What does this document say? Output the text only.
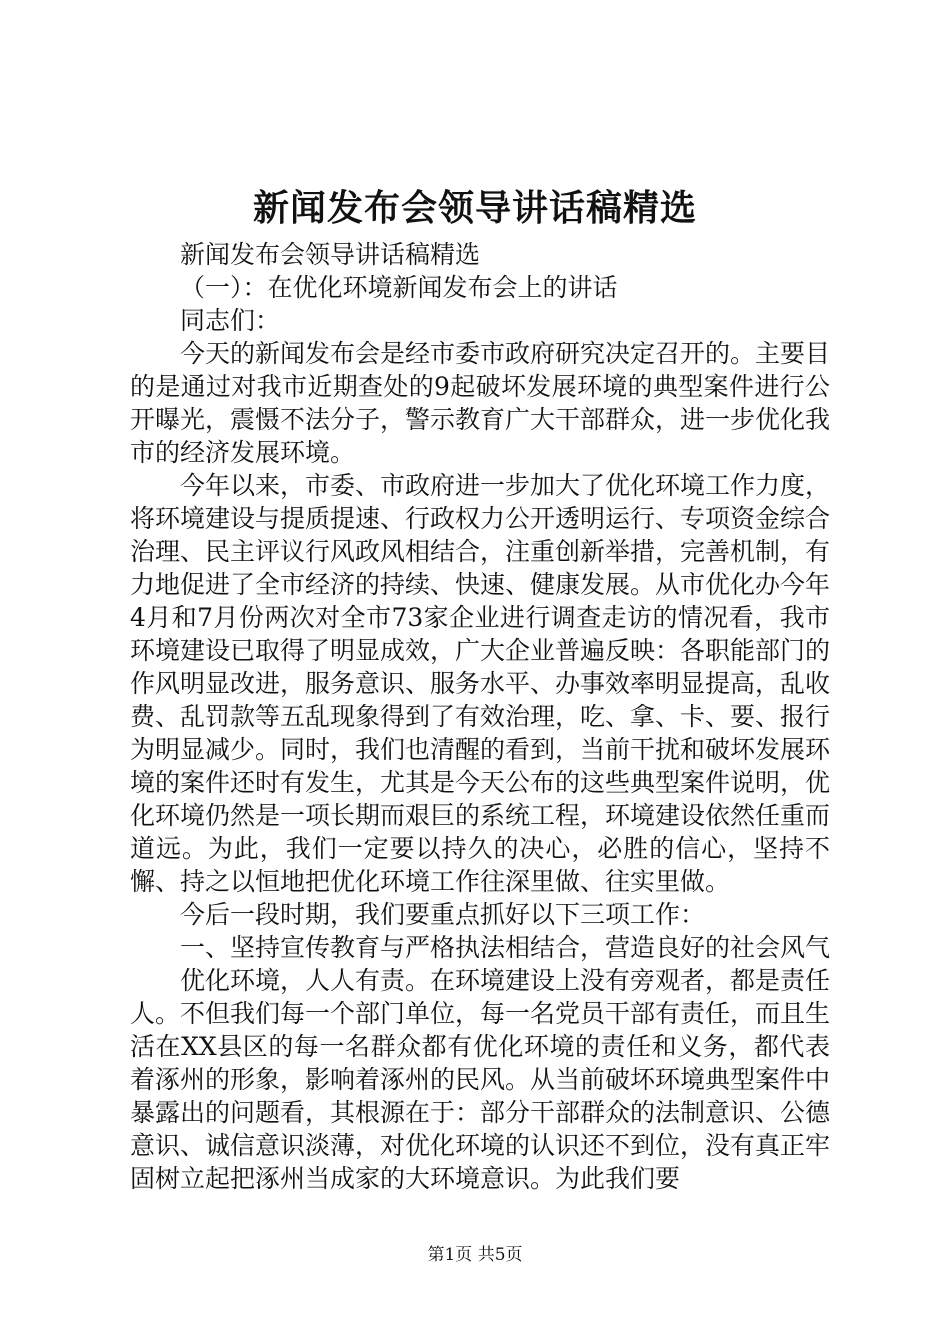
新闻发布会领导讲话稿精选

新闻发布会领导讲话稿精选

（一）：在优化环境新闻发布会上的讲话

同志们：

今天的新闻发布会是经市委市政府研究决定召开的。主要目的是通过对我市近期查处的9起破坏发展环境的典型案件进行公开曝光，震慑不法分子，警示教育广大干部群众，进一步优化我市的经济发展环境。

今年以来，市委、市政府进一步加大了优化环境工作力度，将环境建设与提质提速、行政权力公开透明运行、专项资金综合治理、民主评议行风政风相结合，注重创新举措，完善机制，有力地促进了全市经济的持续、快速、健康发展。从市优化办今年4月和7月份两次对全市73家企业进行调查走访的情况看，我市环境建设已取得了明显成效，广大企业普遍反映：各职能部门的作风明显改进，服务意识、服务水平、办事效率明显提高，乱收费、乱罚款等五乱现象得到了有效治理，吃、拿、卡、要、报行为明显减少。同时，我们也清醒的看到，当前干扰和破坏发展环境的案件还时有发生，尤其是今天公布的这些典型案件说明，优化环境仍然是一项长期而艰巨的系统工程，环境建设依然任重而道远。为此，我们一定要以持久的决心，必胜的信心，坚持不懈、持之以恒地把优化环境工作往深里做、往实里做。

今后一段时期，我们要重点抓好以下三项工作：

一、坚持宣传教育与严格执法相结合，营造良好的社会风气

优化环境，人人有责。在环境建设上没有旁观者，都是责任人。不但我们每一个部门单位，每一名党员干部有责任，而且生活在XX县区的每一名群众都有优化环境的责任和义务，都代表着涿州的形象，影响着涿州的民风。从当前破坏环境典型案件中暴露出的问题看，其根源在于：部分干部群众的法制意识、公德意识、诚信意识淡薄，对优化环境的认识还不到位，没有真正牢固树立起把涿州当成家的大环境意识。为此我们要

第1页 共5页
